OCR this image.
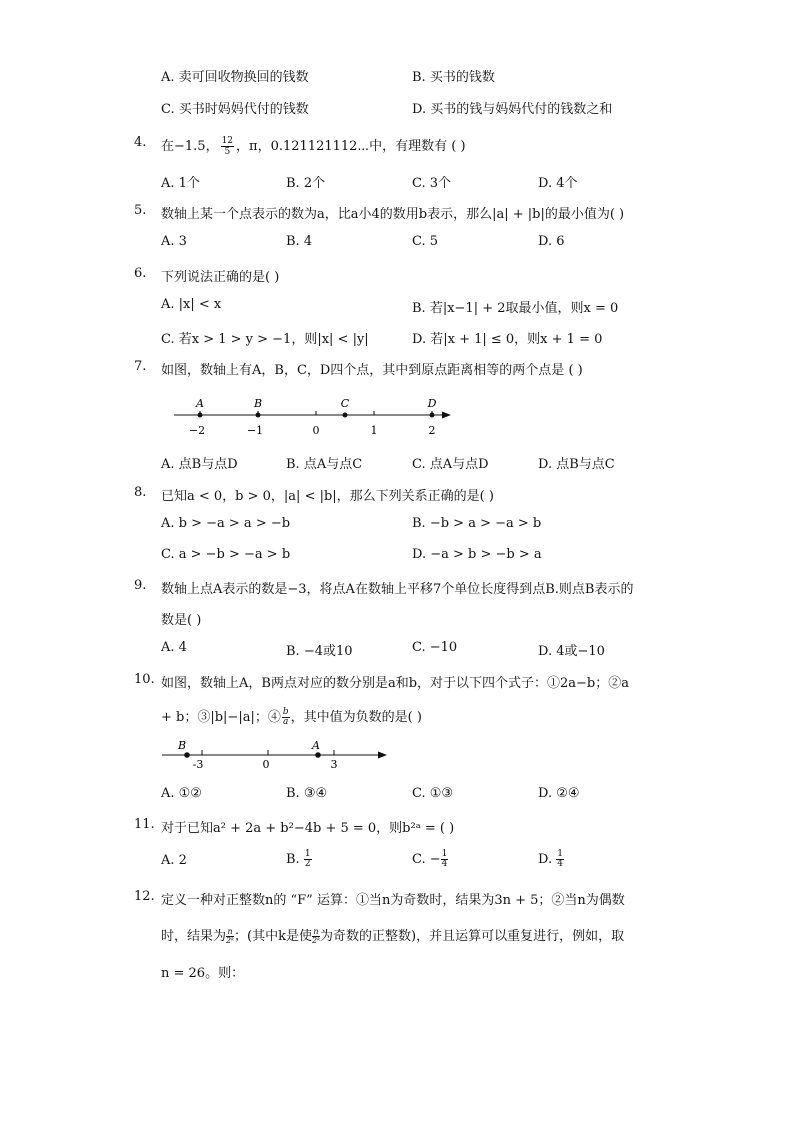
A. 卖可回收物换回的钱数	B. 买书的钱数
C. 买书时妈妈代付的钱数	D. 买书的钱与妈妈代付的钱数之和
4. 在−1.5， $\frac{12}{5}$ ，π，0.121121112⋯中，有理数有 ( )
A. 1个	B. 2个	C. 3个	D. 4个
5. 数轴上某一个点表示的数为a，比a小4的数用b表示，那么|a| + |b|的最小值为( )
A. 3	B. 4	C. 5	D. 6
6. 下列说法正确的是( )
A. |x| < x	B. 若|x−1| + 2取最小值，则x = 0
C. 若x > 1 > y > −1，则|x| < |y|	D. 若|x + 1| ≤ 0，则x + 1 = 0
7. 如图，数轴上有A，B，C，D四个点，其中到原点距离相等的两个点是 ( )
A	B	C	D
−2	−1	0	1	2
A. 点B与点D	B. 点A与点C	C. 点A与点D	D. 点B与点C
8. 已知a < 0，b > 0，|a| < |b|，那么下列关系正确的是( )
A. b > −a > a > −b	B. −b > a > −a > b
C. a > −b > −a > b	D. −a > b > −b > a
9. 数轴上点A表示的数是−3，将点A在数轴上平移7个单位长度得到点B.则点B表示的
数是( )
A. 4	B. −4或10	C. −10	D. 4或−10
10. 如图，数轴上A，B两点对应的数分别是a和b，对于以下四个式子：①2a−b；②a
+ b；③|b|−|a|；④ $\frac{b}{a}$ ，其中值为负数的是( )
B	A
-3	0	3
A. ①②	B. ③④	C. ①③	D. ②④
11. 对于已知a² + 2a + b²−4b + 5 = 0，则b²ᵃ = ( )
A. 2	B. $\frac{1}{2}$	C. − $\frac{1}{4}$	D. $\frac{1}{4}$
12. 定义一种对正整数n的 “F” 运算：①当n为奇数时，结果为3n + 5；②当n为偶数
时，结果为 $\frac{n}{\text{2ᵏ}}$ ；(其中k是使 $\frac{n}{\text{2ᵏ}}$ 为奇数的正整数)，并且运算可以重复进行，例如，取
n = 26。则：
